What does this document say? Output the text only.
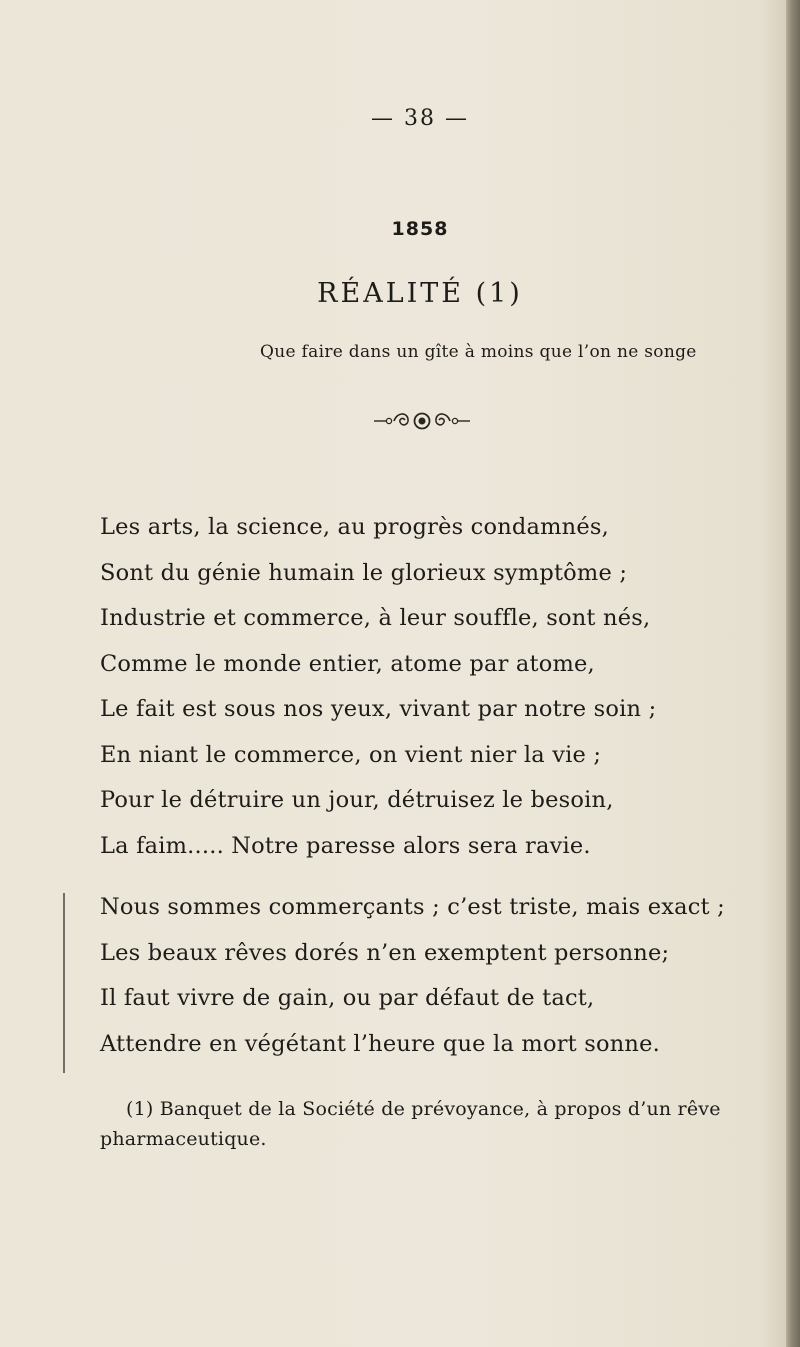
— 38 —
1858
RÉALITÉ (1)
Que faire dans un gîte à moins que l’on ne songe
Les arts, la science, au progrès condamnés,
Sont du génie humain le glorieux symptôme ;
Industrie et commerce, à leur souffle, sont nés,
Comme le monde entier, atome par atome,
Le fait est sous nos yeux, vivant par notre soin ;
En niant le commerce, on vient nier la vie ;
Pour le détruire un jour, détruisez le besoin,
La faim..... Notre paresse alors sera ravie.
Nous sommes commerçants ; c’est triste, mais exact ;
Les beaux rêves dorés n’en exemptent personne;
Il faut vivre de gain, ou par défaut de tact,
Attendre en végétant l’heure que la mort sonne.
(1) Banquet de la Société de prévoyance, à propos d’un rêve pharmaceutique.
